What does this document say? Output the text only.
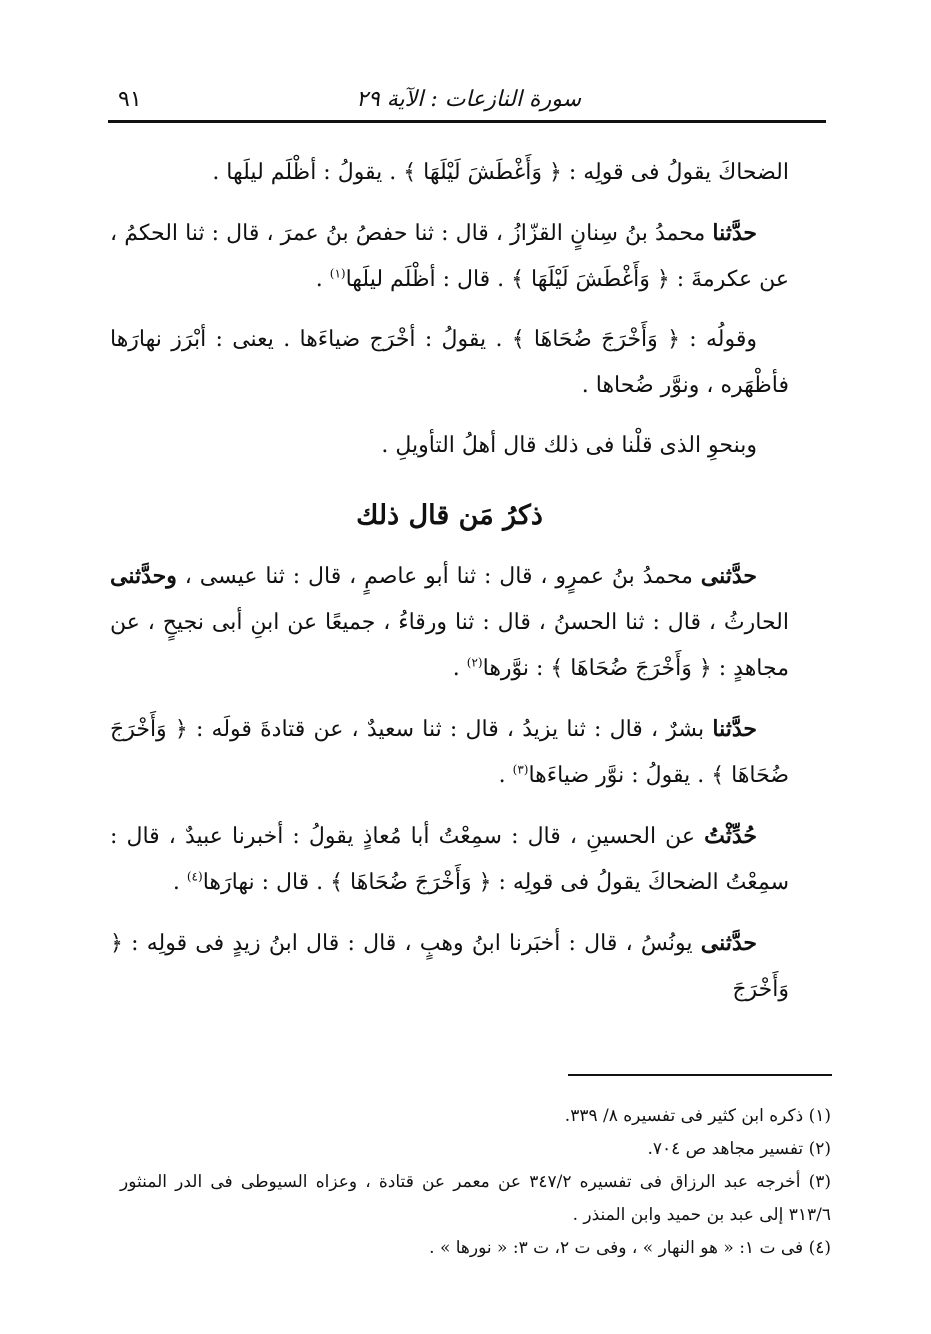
سورة النازعات : الآية ٢٩
٩١

الضحاكَ يقولُ فى قولِه : ﴿ وَأَغْطَشَ لَيْلَهَا ﴾ . يقولُ : أظْلَم ليلَها .

حدَّثنا محمدُ بنُ سِنانٍ القزّازُ ، قال : ثنا حفصُ بنُ عمرَ ، قال : ثنا الحكمُ ، عن عكرمةَ : ﴿ وَأَغْطَشَ لَيْلَهَا ﴾ . قال : أظْلَم ليلَها$^{(١)}$ .

وقولُه : ﴿ وَأَخْرَجَ ضُحَاهَا ﴾ . يقولُ : أخْرَج ضياءَها . يعنى : أبْرَز نهارَها فأظْهَره ، ونوَّر ضُحاها .

وبنحوِ الذى قلْنا فى ذلك قال أهلُ التأويلِ .

ذكرُ مَن قال ذلك

حدَّثنى محمدُ بنُ عمرٍو ، قال : ثنا أبو عاصمٍ ، قال : ثنا عيسى ، وحدَّثنى الحارثُ ، قال : ثنا الحسنُ ، قال : ثنا ورقاءُ ، جميعًا عن ابنِ أبى نجيحٍ ، عن مجاهدٍ : ﴿ وَأَخْرَجَ ضُحَاهَا ﴾ : نوَّرها$^{(٢)}$ .

حدَّثنا بشرٌ ، قال : ثنا يزيدُ ، قال : ثنا سعيدٌ ، عن قتادةَ قولَه : ﴿ وَأَخْرَجَ ضُحَاهَا ﴾ . يقولُ : نوَّر ضياءَها$^{(٣)}$ .

حُدِّثْتُ عن الحسينِ ، قال : سمِعْتُ أبا مُعاذٍ يقولُ : أخبرنا عبيدٌ ، قال : سمِعْتُ الضحاكَ يقولُ فى قولِه : ﴿ وَأَخْرَجَ ضُحَاهَا ﴾ . قال : نهارَها$^{(٤)}$ .

حدَّثنى يونُسُ ، قال : أخبَرنا ابنُ وهبٍ ، قال : قال ابنُ زيدٍ فى قولِه : ﴿ وَأَخْرَجَ

(١) ذكره ابن كثير فى تفسيره ٨/ ٣٣٩.

(٢) تفسير مجاهد ص ٧٠٤.

(٣) أخرجه عبد الرزاق فى تفسيره ٣٤٧/٢ عن معمر عن قتادة ، وعزاه السيوطى فى الدر المنثور ٣١٣/٦ إلى عبد بن حميد وابن المنذر .

(٤) فى ت ١: « هو النهار » ، وفى ت ٢، ت ٣: « نورها » .
